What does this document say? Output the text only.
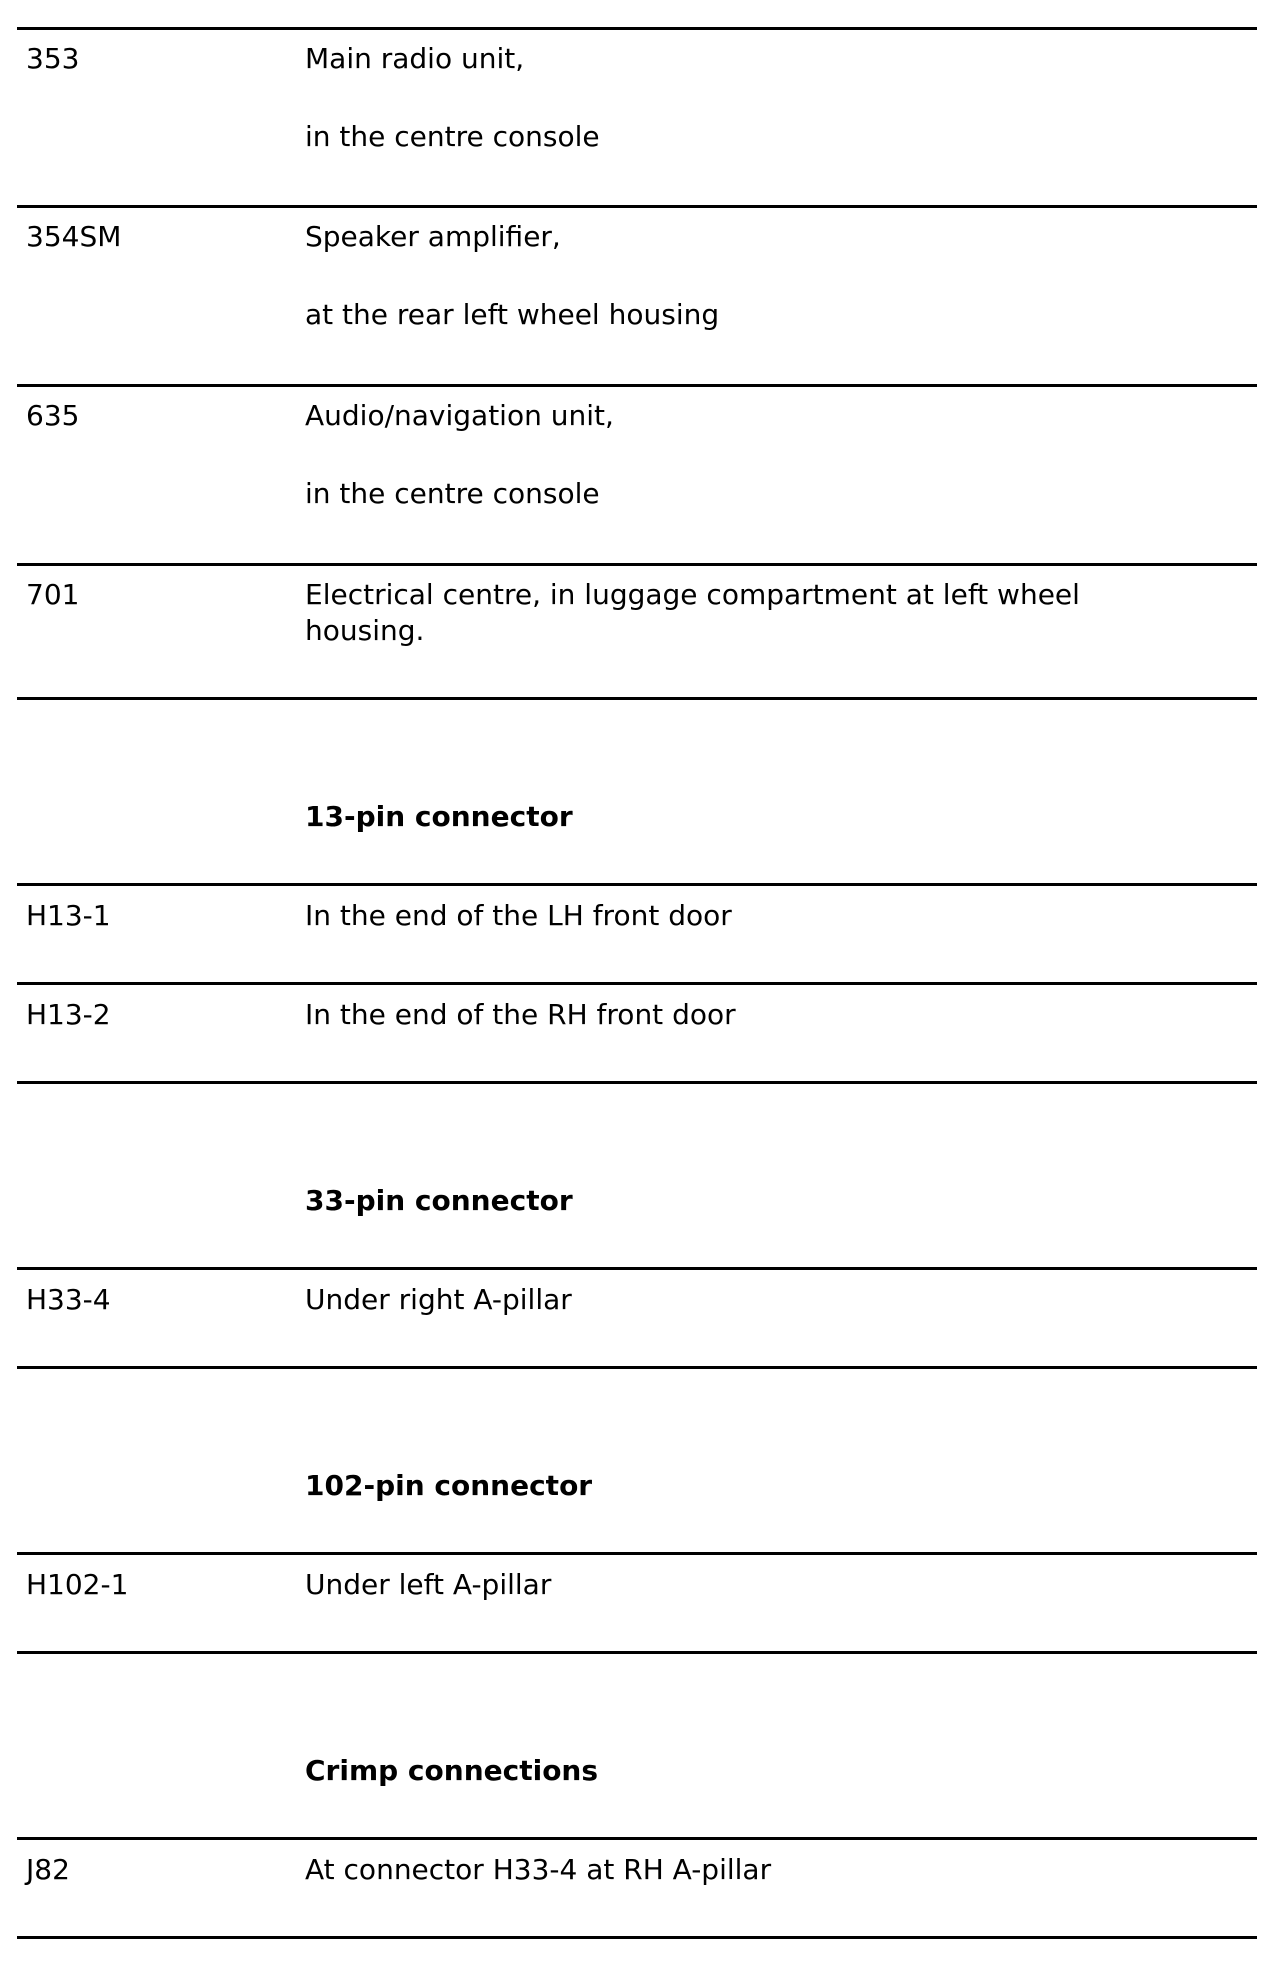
353	Main radio unit,
in the centre console
354SM	Speaker amplifier,
at the rear left wheel housing
635	Audio/navigation unit,
in the centre console
701	Electrical centre, in luggage compartment at left wheel housing.
13-pin connector
H13-1	In the end of the LH front door
H13-2	In the end of the RH front door
33-pin connector
H33-4	Under right A-pillar
102-pin connector
H102-1	Under left A-pillar
Crimp connections
J82	At connector H33-4 at RH A-pillar
